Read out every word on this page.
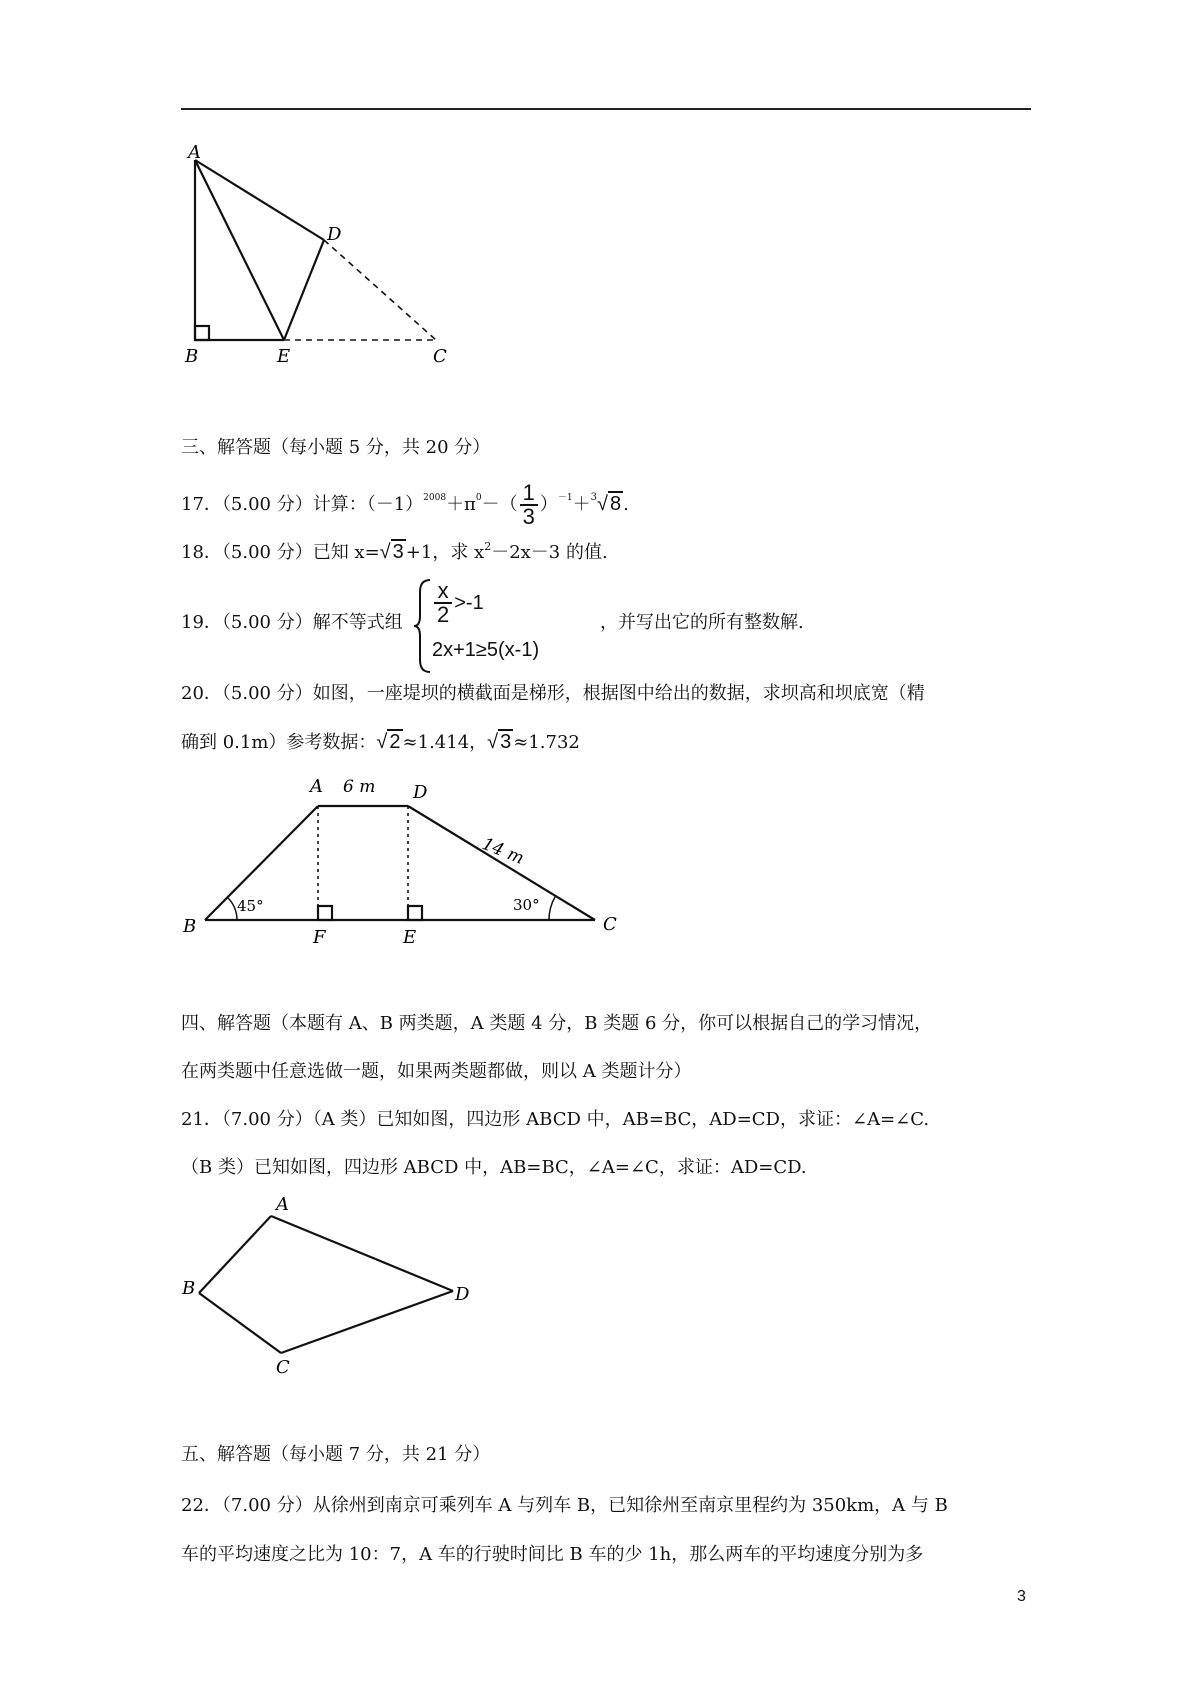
A
B	E
D
C
三、解答题（每小题 5 分，共 20 分）
17．（5.00 分）计算：$(-1)^{2008}+\pi^0-( \frac{1}{3} )^{-1}+^3√$ 8 .
18．（5.00 分）已知 x=√ 3 +1，求 $x^2-2x-3$ 的值.
19．（5.00 分）解不等式组 $\frac{x}{2} >-1$
2x+1≥5(x-1)
，并写出它的所有整数解.
20．（5.00 分）如图，一座堤坝的横截面是梯形，根据图中给出的数据，求坝高和坝底宽（精
确到 0.1m）参考数据：√ 2 ≈1.414，√ 3 ≈1.732
A 6 m D
14 m
B
45°	30°
F	E
C
四、解答题（本题有 A、B 两类题，A 类题 4 分，B 类题 6 分，你可以根据自己的学习情况，
在两类题中任意选做一题，如果两类题都做，则以 A 类题计分）
21．（7.00 分）（A 类）已知如图，四边形 ABCD 中，AB=BC，AD=CD，求证：∠A=∠C.
（B 类）已知如图，四边形 ABCD 中，AB=BC，∠A=∠C，求证：AD=CD.
A
B
C
D
五、解答题（每小题 7 分，共 21 分）
22．（7.00 分）从徐州到南京可乘列车 A 与列车 B，已知徐州至南京里程约为 350km，A 与 B
车的平均速度之比为 10：7，A 车的行驶时间比 B 车的少 1h，那么两车的平均速度分别为多
3
